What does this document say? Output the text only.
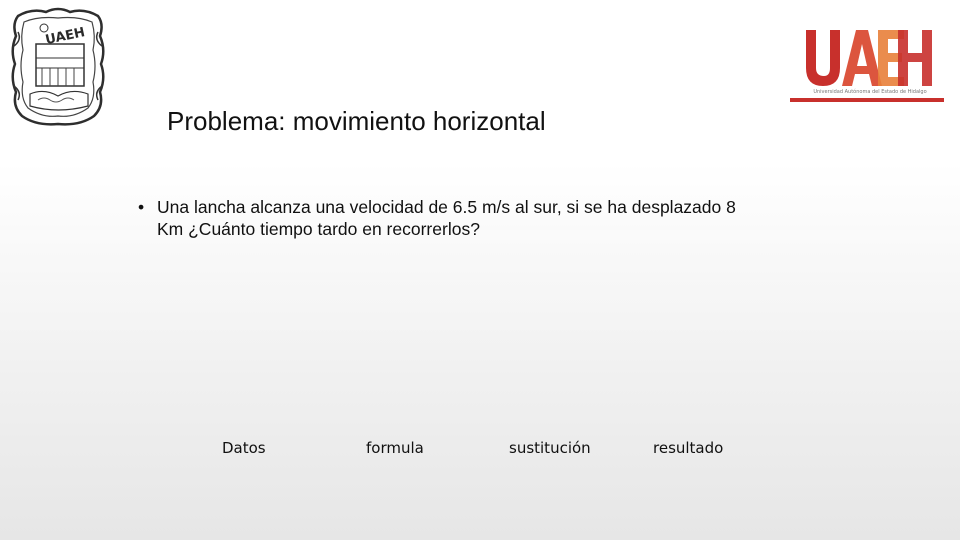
UAEH
Universidad Autónoma del Estado de Hidalgo
Problema: movimiento horizontal
• Una lancha alcanza una velocidad de 6.5 m/s al sur, si se ha desplazado 8 Km ¿Cuánto tiempo tardo en recorrerlos?
Datos	formula	sustitución	resultado
